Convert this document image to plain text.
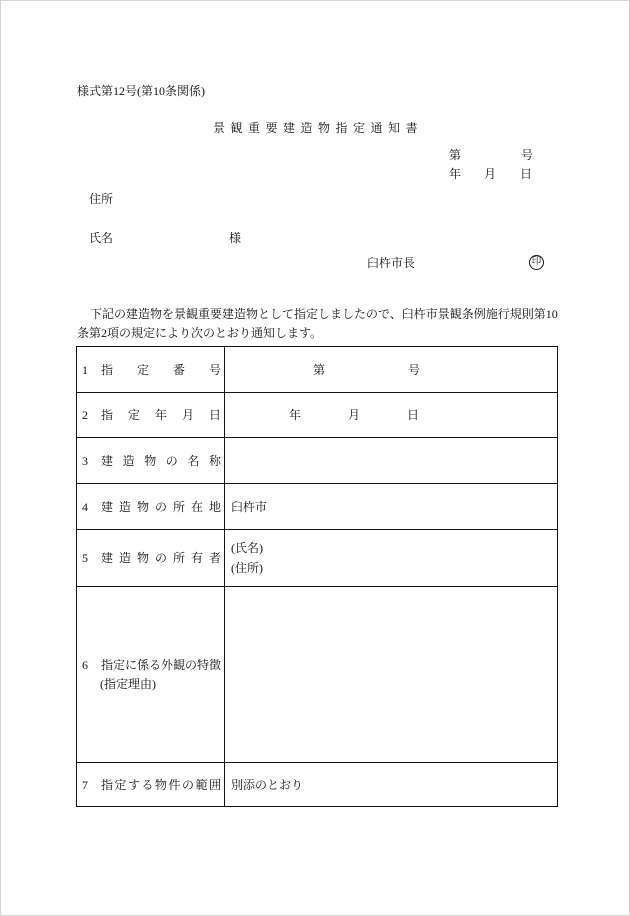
様式第12号(第10条関係)
景観重要建造物指定通知書
第	号
年 月 日
住所
氏名	様
臼杵市長	印
下記の建造物を景観重要建造物として指定しましたので、臼杵市景観条例施行規則第10
条第2項の規定により次のとおり通知します。
1	指定番号	第	号
2	指定年月日	年	月	日
3	建造物の名称
4	建造物の所在地 臼杵市
5	建造物の所有者
(氏名)
(住所)
6	指定に係る外観の特徴
(指定理由)
7	指定する物件の範囲 別添のとおり
